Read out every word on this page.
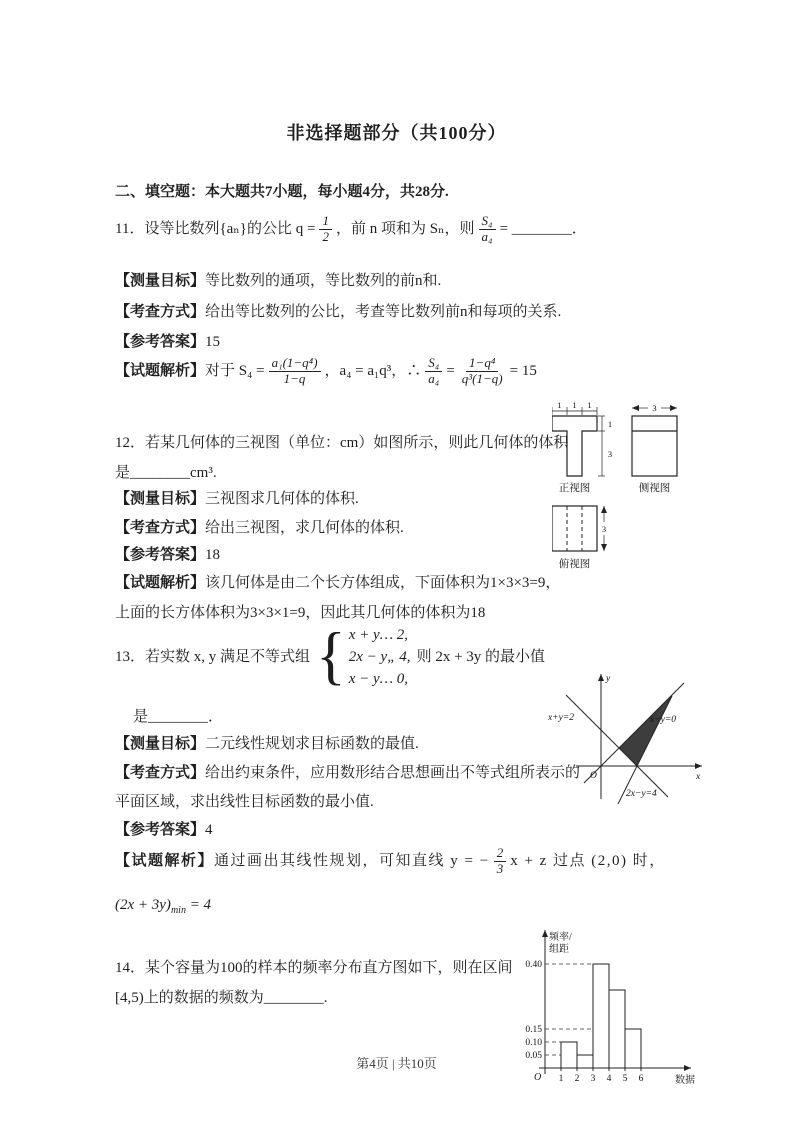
非选择题部分（共100分）
二、填空题：本大题共7小题，每小题4分，共28分.
11．设等比数列{aₙ}的公比 $q = \frac{1}{2}$ ，前 n 项和为 Sₙ，则 $\frac{\text{S₄}}{\text{a₄}}$ = ________．
【测量目标】等比数列的通项，等比数列的前n和.
【考查方式】给出等比数列的公比，考查等比数列前n和每项的关系.
【参考答案】15
【试题解析】 对于 $S_4 = \frac{\text{a₁(1−q⁴)}}{1-q}$ ，a₄ = a₁q³，∴ $\frac{\text{S₄}}{\text{a₄}} = \frac{\text{1−q⁴}}{\text{q³(1−q)}} = 15$
12．若某几何体的三视图（单位：cm）如图所示，则此几何体的体积
是________cm³.
【测量目标】三视图求几何体的体积.
【考查方式】给出三视图，求几何体的体积.
【参考答案】18
【试题解析】该几何体是由二个长方体组成，下面体积为1×3×3=9，
上面的长方体体积为3×3×1=9，因此其几何体的体积为18
1 1 1
1
3
正视图
3
侧视图
3
俯视图
13．若实数 x, y 满足不等式组 { x + y… 2,
2x − y„ 4,
x − y… 0,
则 2x + 3y 的最小值
是________．
【测量目标】二元线性规划求目标函数的最值.
【考查方式】给出约束条件，应用数形结合思想画出不等式组所表示的
平面区域，求出线性目标函数的最小值.
【参考答案】4
【试题解析】 通过画出其线性规划，可知直线 y = − $\frac{2}{3}$ x + z 过点 (2,0) 时，
$(2x + 3y)_{min} = 4$
y
x
O
x+y=2	x−y=0
2x−y=4
14．某个容量为100的样本的频率分布直方图如下，则在区间
[4,5)上的数据的频数为________.
0.05
0.10
0.15
0.40
1 2 3 4 5 6
频率/
组距
O	数据
第4页 | 共10页
